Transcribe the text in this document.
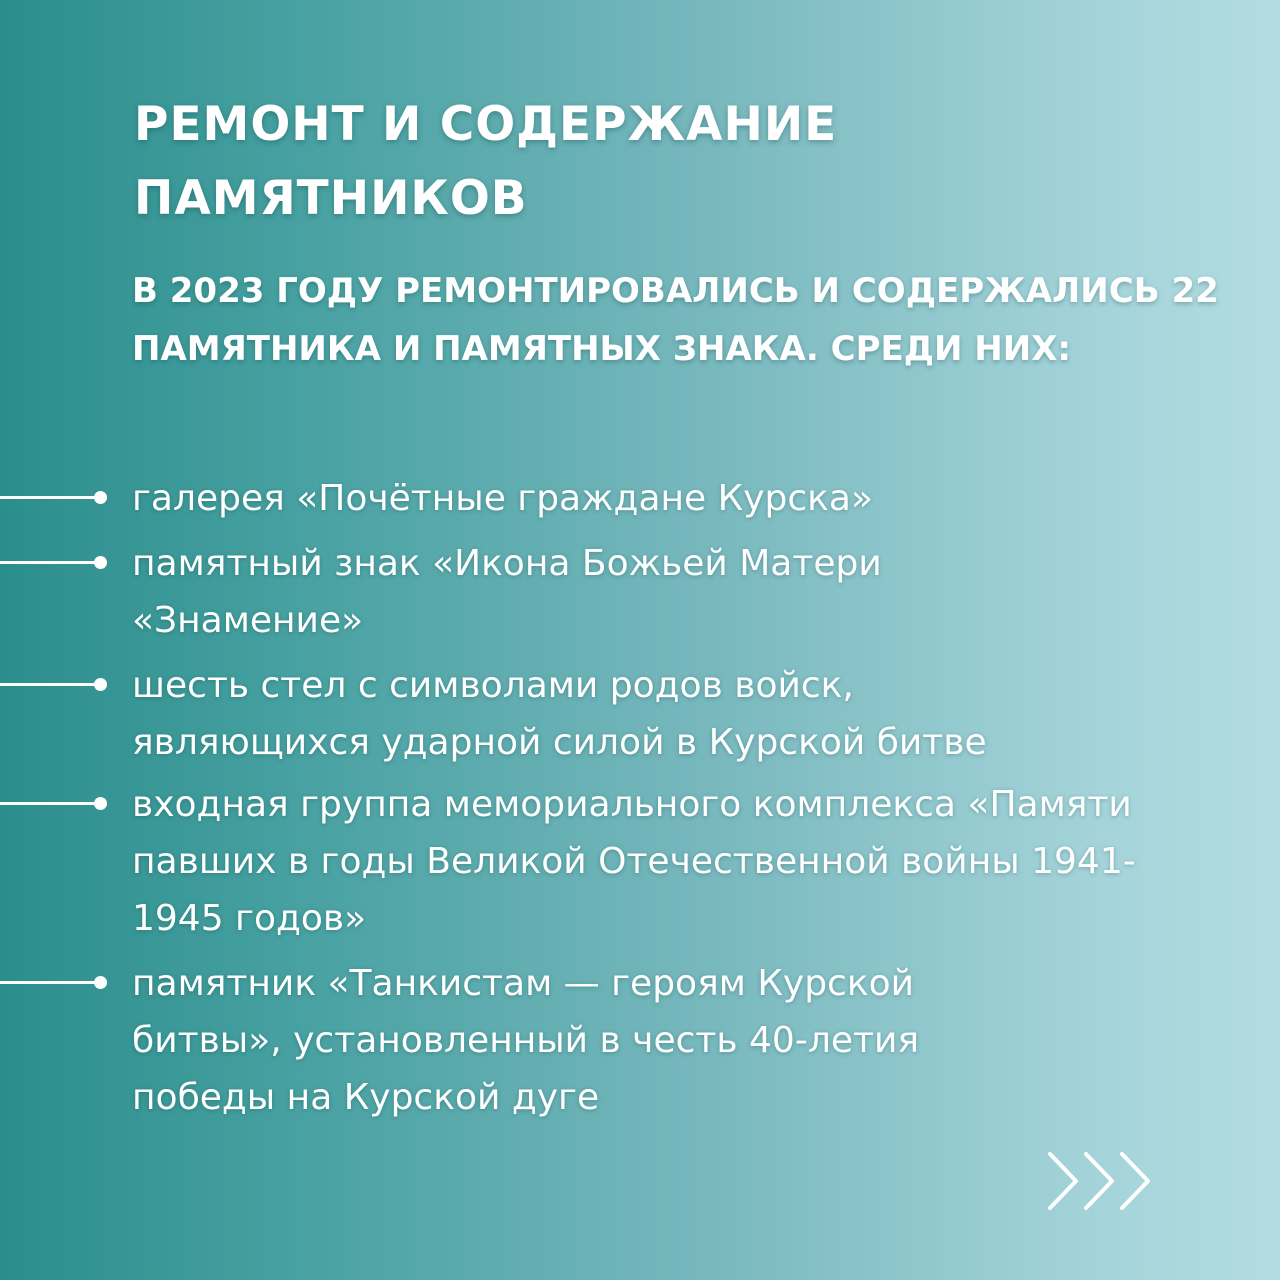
РЕМОНТ И СОДЕРЖАНИЕ ПАМЯТНИКОВ

В 2023 ГОДУ РЕМОНТИРОВАЛИСЬ И СОДЕРЖАЛИСЬ 22 ПАМЯТНИКА И ПАМЯТНЫХ ЗНАКА. СРЕДИ НИХ:

галерея «Почётные граждане Курска»
памятный знак «Икона Божьей Матери «Знамение»
шесть стел с символами родов войск, являющихся ударной силой в Курской битве
входная группа мемориального комплекса «Памяти павших в годы Великой Отечественной войны 1941-1945 годов»
памятник «Танкистам — героям Курской битвы», установленный в честь 40-летия победы на Курской дуге
